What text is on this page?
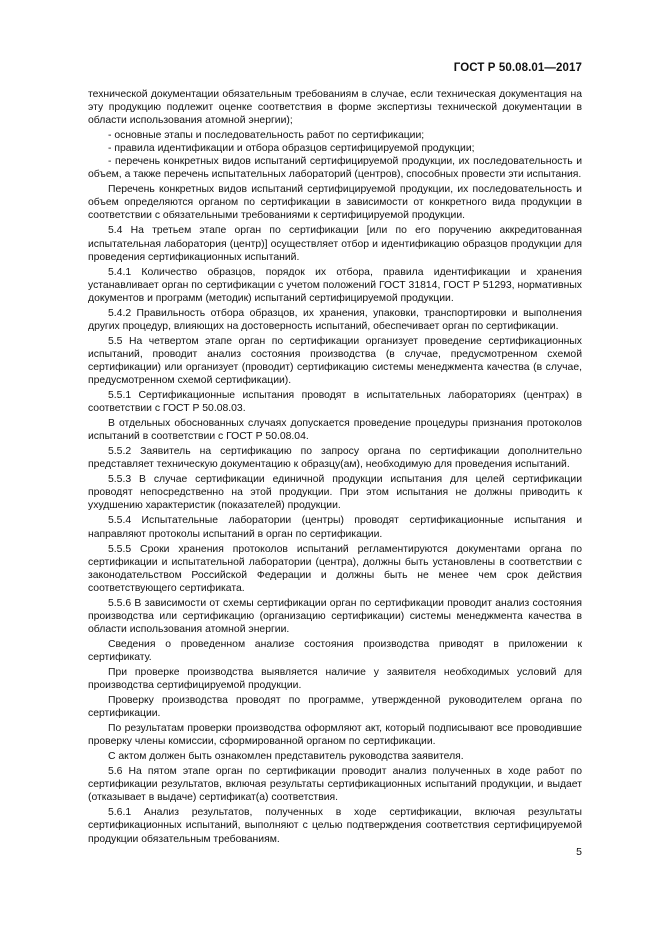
ГОСТ Р 50.08.01—2017

технической документации обязательным требованиям в случае, если техническая документация на эту продукцию подлежит оценке соответствия в форме экспертизы технической документации в области использования атомной энергии);

- основные этапы и последовательность работ по сертификации;

- правила идентификации и отбора образцов сертифицируемой продукции;

- перечень конкретных видов испытаний сертифицируемой продукции, их последовательность и объем, а также перечень испытательных лабораторий (центров), способных провести эти испытания.

Перечень конкретных видов испытаний сертифицируемой продукции, их последовательность и объем определяются органом по сертификации в зависимости от конкретного вида продукции в соответствии с обязательными требованиями к сертифицируемой продукции.

5.4 На третьем этапе орган по сертификации [или по его поручению аккредитованная испытательная лаборатория (центр)] осуществляет отбор и идентификацию образцов продукции для проведения сертификационных испытаний.

5.4.1 Количество образцов, порядок их отбора, правила идентификации и хранения устанавливает орган по сертификации с учетом положений ГОСТ 31814, ГОСТ Р 51293, нормативных документов и программ (методик) испытаний сертифицируемой продукции.

5.4.2 Правильность отбора образцов, их хранения, упаковки, транспортировки и выполнения других процедур, влияющих на достоверность испытаний, обеспечивает орган по сертификации.

5.5 На четвертом этапе орган по сертификации организует проведение сертификационных испытаний, проводит анализ состояния производства (в случае, предусмотренном схемой сертификации) или организует (проводит) сертификацию системы менеджмента качества (в случае, предусмотренном схемой сертификации).

5.5.1 Сертификационные испытания проводят в испытательных лабораториях (центрах) в соответствии с ГОСТ Р 50.08.03.

В отдельных обоснованных случаях допускается проведение процедуры признания протоколов испытаний в соответствии с ГОСТ Р 50.08.04.

5.5.2 Заявитель на сертификацию по запросу органа по сертификации дополнительно представляет техническую документацию к образцу(ам), необходимую для проведения испытаний.

5.5.3 В случае сертификации единичной продукции испытания для целей сертификации проводят непосредственно на этой продукции. При этом испытания не должны приводить к ухудшению характеристик (показателей) продукции.

5.5.4 Испытательные лаборатории (центры) проводят сертификационные испытания и направляют протоколы испытаний в орган по сертификации.

5.5.5 Сроки хранения протоколов испытаний регламентируются документами органа по сертификации и испытательной лаборатории (центра), должны быть установлены в соответствии с законодательством Российской Федерации и должны быть не менее чем срок действия соответствующего сертификата.

5.5.6 В зависимости от схемы сертификации орган по сертификации проводит анализ состояния производства или сертификацию (организацию сертификации) системы менеджмента качества в области использования атомной энергии.

Сведения о проведенном анализе состояния производства приводят в приложении к сертификату.

При проверке производства выявляется наличие у заявителя необходимых условий для производства сертифицируемой продукции.

Проверку производства проводят по программе, утвержденной руководителем органа по сертификации.

По результатам проверки производства оформляют акт, который подписывают все проводившие проверку члены комиссии, сформированной органом по сертификации.

С актом должен быть ознакомлен представитель руководства заявителя.

5.6 На пятом этапе орган по сертификации проводит анализ полученных в ходе работ по сертификации результатов, включая результаты сертификационных испытаний продукции, и выдает (отказывает в выдаче) сертификат(а) соответствия.

5.6.1 Анализ результатов, полученных в ходе сертификации, включая результаты сертификационных испытаний, выполняют с целью подтверждения соответствия сертифицируемой продукции обязательным требованиям.

5
